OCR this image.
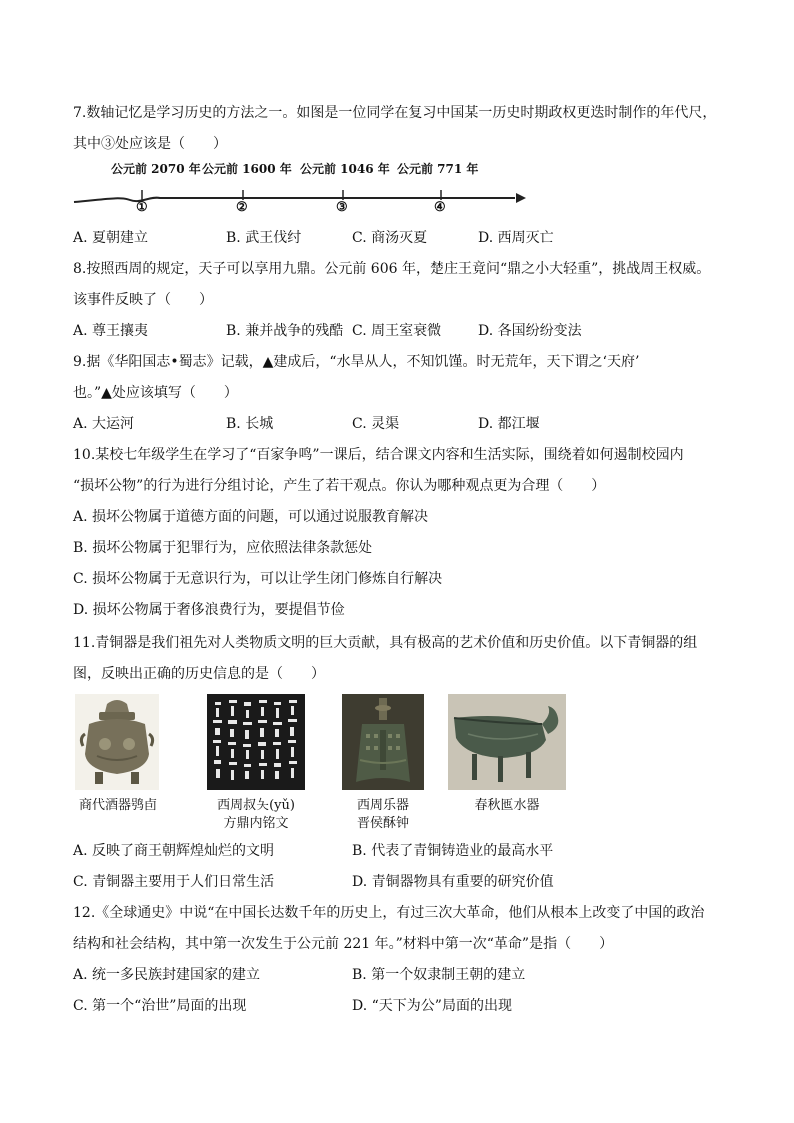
7.数轴记忆是学习历史的方法之一。如图是一位同学在复习中国某一历史时期政权更迭时制作的年代尺，
其中③处应该是（　　）
公元前 2070 年 公元前 1600 年 公元前 1046 年 公元前 771 年
①	②	③	④
A. 夏朝建立	B. 武王伐纣	C. 商汤灭夏	D. 西周灭亡
8.按照西周的规定，天子可以享用九鼎。公元前 606 年，楚庄王竟问“鼎之小大轻重”，挑战周王权威。
该事件反映了（　　）
A. 尊王攘夷	B. 兼并战争的残酷 C. 周王室衰微	D. 各国纷纷变法
9.据《华阳国志•蜀志》记载，▲建成后，“水旱从人，不知饥馑。时无荒年，天下谓之‘天府’
也。”▲处应该填写（　　）
A. 大运河	B. 长城	C. 灵渠	D. 都江堰
10.某校七年级学生在学习了“百家争鸣”一课后，结合课文内容和生活实际，围绕着如何遏制校园内
“损坏公物”的行为进行分组讨论，产生了若干观点。你认为哪种观点更为合理（　　）
A. 损坏公物属于道德方面的问题，可以通过说服教育解决
B. 损坏公物属于犯罪行为，应依照法律条款惩处
C. 损坏公物属于无意识行为，可以让学生闭门修炼自行解决
D. 损坏公物属于奢侈浪费行为，要提倡节俭
11.青铜器是我们祖先对人类物质文明的巨大贡献，具有极高的艺术价值和历史价值。以下青铜器的组
图，反映出正确的历史信息的是（　　）
商代酒器鸮卣	西周叔夨(yǔ)
方鼎内铭文
西周乐器
晋侯酥钟
春秋匜水器
A. 反映了商王朝辉煌灿烂的文明	B. 代表了青铜铸造业的最高水平
C. 青铜器主要用于人们日常生活	D. 青铜器物具有重要的研究价值
12.《全球通史》中说“在中国长达数千年的历史上，有过三次大革命，他们从根本上改变了中国的政治
结构和社会结构，其中第一次发生于公元前 221 年。”材料中第一次“革命”是指（　　）
A. 统一多民族封建国家的建立	B. 第一个奴隶制王朝的建立
C. 第一个“治世”局面的出现	D. “天下为公”局面的出现
